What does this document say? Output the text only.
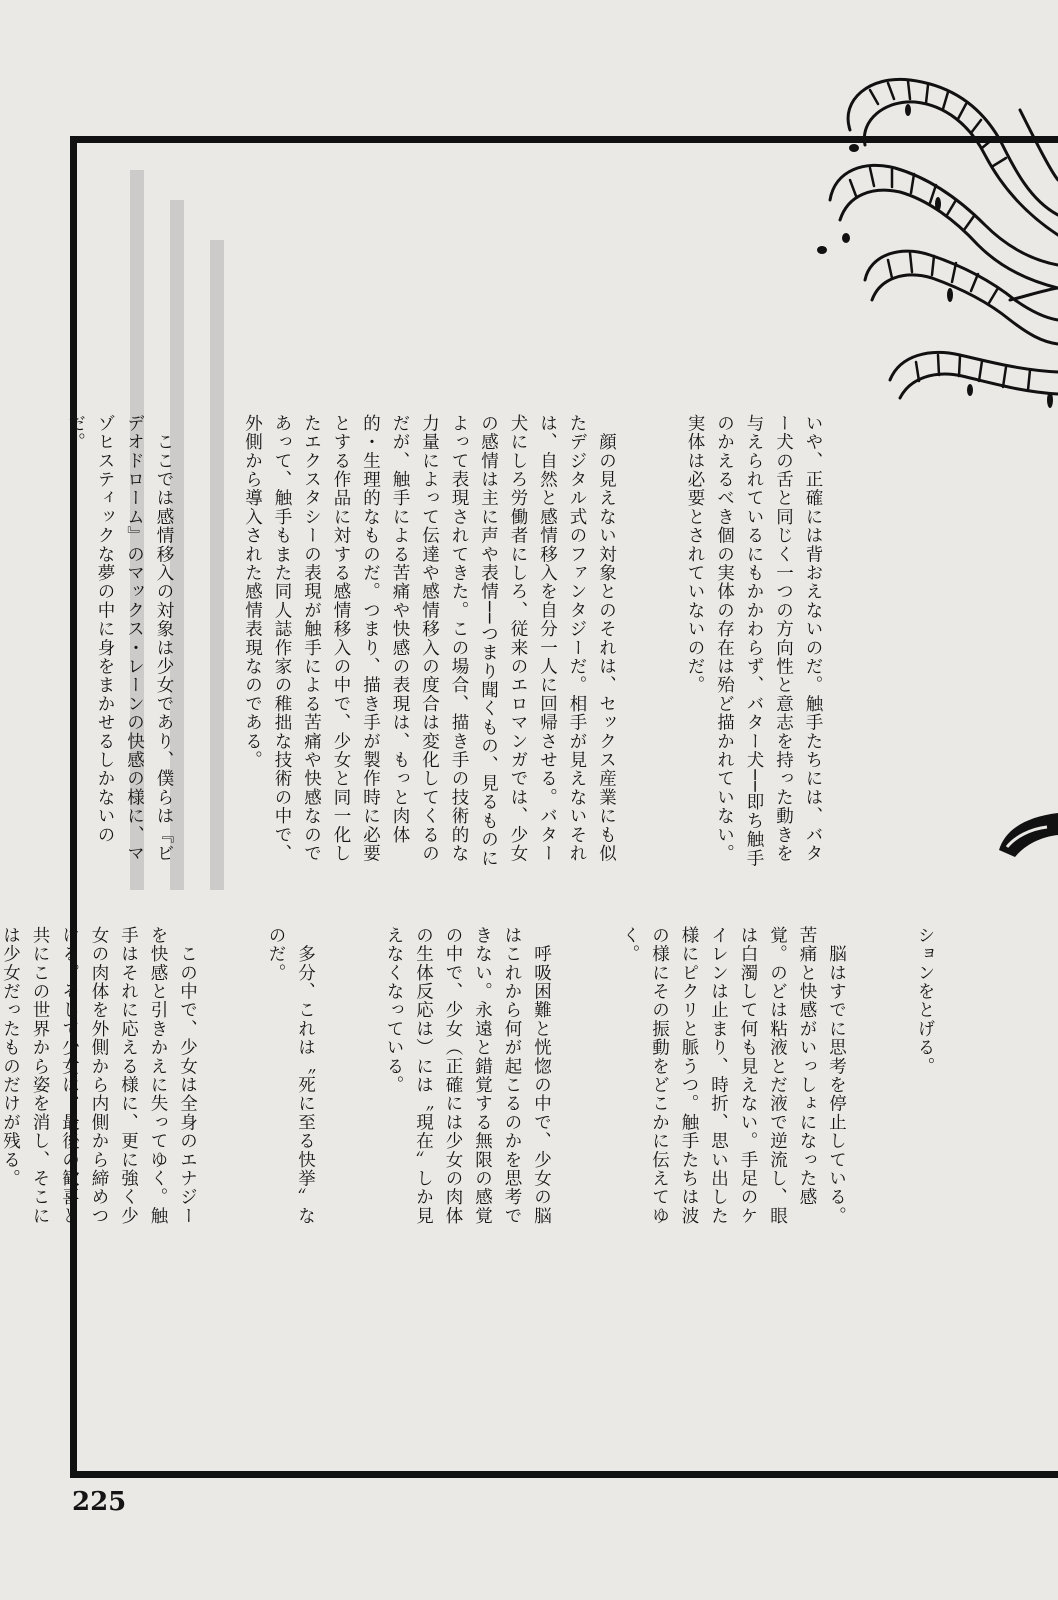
いや、正確には背おえないのだ。触手たちには、バター犬の舌と同じく一つの方向性と意志を持った動きを与えられているにもかかわらず、バター犬──即ち触手のかえるべき個の実体の存在は殆ど描かれていない。実体は必要とされていないのだ。

　顔の見えない対象とのそれは、セックス産業にも似たデジタル式のファンタジーだ。相手が見えないそれは、自然と感情移入を自分一人に回帰させる。バター犬にしろ労働者にしろ、従来のエロマンガでは、少女の感情は主に声や表情──つまり聞くもの、見るものによって表現されてきた。この場合、描き手の技術的な力量によって伝達や感情移入の度合は変化してくるのだが、触手による苦痛や快感の表現は、もっと肉体的・生理的なものだ。つまり、描き手が製作時に必要とする作品に対する感情移入の中で、少女と同一化したエクスタシーの表現が触手による苦痛や快感なのであって、触手もまた同人誌作家の稚拙な技術の中で、外側から導入された感情表現なのである。

　ここでは感情移入の対象は少女であり、僕らは『ビデオドローム』のマックス・レーンの快感の様に、マゾヒスティックな夢の中に身をまかせるしかないのだ。

ションをとげる。

　脳はすでに思考を停止している。苦痛と快感がいっしょになった感覚。のどは粘液とだ液で逆流し、眼は白濁して何も見えない。手足のケイレンは止まり、時折、思い出した様にピクリと脈うつ。触手たちは波の様にその振動をどこかに伝えてゆく。

　呼吸困難と恍惚の中で、少女の脳はこれから何が起こるのかを思考できない。永遠と錯覚する無限の感覚の中で、少女（正確には少女の肉体の生体反応は）には〝現在〟しか見えなくなっている。

　多分、これは〝死に至る快挙〟なのだ。

　この中で、少女は全身のエナジーを快感と引きかえに失ってゆく。触手はそれに応える様に、更に強く少女の肉体を外側から内側から締めつける。そして少女は、最後の歓喜と共にこの世界から姿を消し、そこには少女だったものだけが残る。

225
